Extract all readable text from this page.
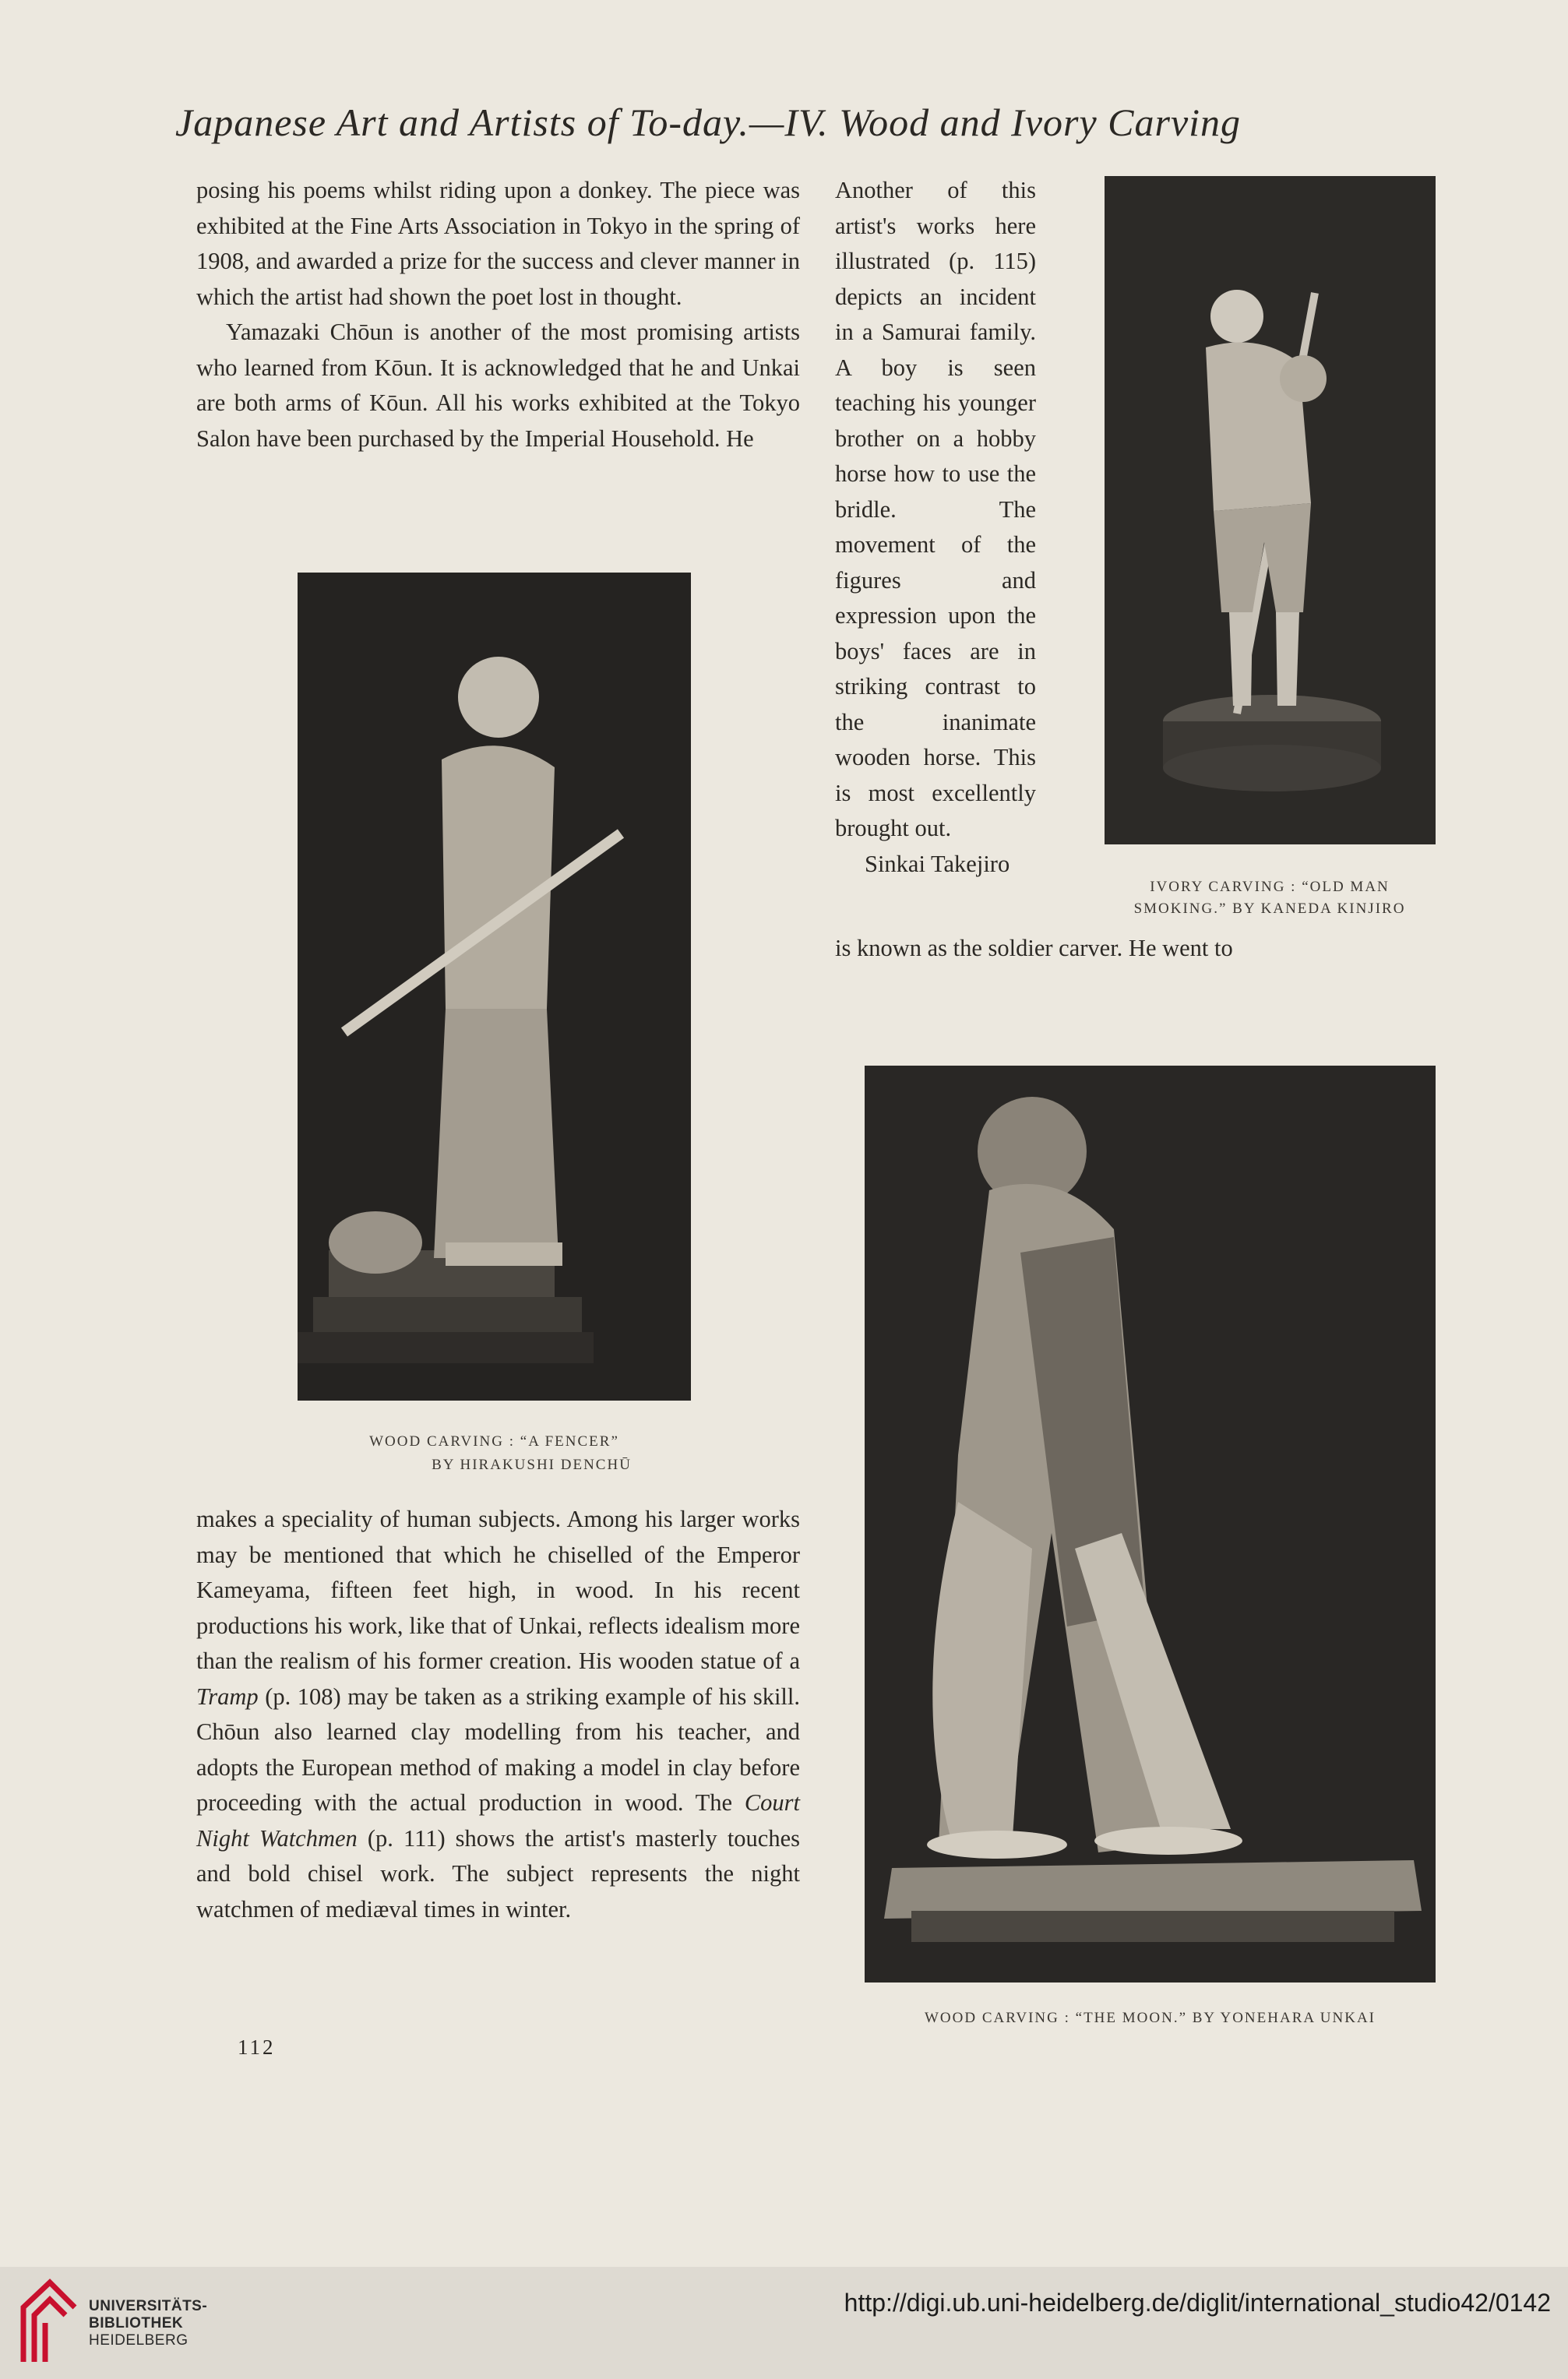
Japanese Art and Artists of To-day.—IV. Wood and Ivory Carving

posing his poems whilst riding upon a donkey. The piece was exhibited at the Fine Arts Association in Tokyo in the spring of 1908, and awarded a prize for the success and clever manner in which the artist had shown the poet lost in thought.

Yamazaki Chōun is another of the most promising artists who learned from Kōun. It is acknowledged that he and Unkai are both arms of Kōun. All his works exhibited at the Tokyo Salon have been purchased by the Imperial Household. He

Another of this artist's works here illustrated (p. 115) depicts an incident in a Samurai family. A boy is seen teaching his younger brother on a hobby horse how to use the bridle. The movement of the figures and expression upon the boys' faces are in striking contrast to the inanimate wooden horse. This is most excellently brought out.

Sinkai Takejiro

is known as the soldier carver. He went to

IVORY CARVING : “OLD MAN
SMOKING.” BY KANEDA KINJIRO
WOOD CARVING : “A FENCER”
BY HIRAKUSHI DENCHŪ

makes a speciality of human subjects. Among his larger works may be mentioned that which he chiselled of the Emperor Kameyama, fifteen feet high, in wood. In his recent productions his work, like that of Unkai, reflects idealism more than the realism of his former creation. His wooden statue of a Tramp (p. 108) may be taken as a striking example of his skill. Chōun also learned clay modelling from his teacher, and adopts the European method of making a model in clay before proceeding with the actual production in wood. The Court Night Watchmen (p. 111) shows the artist's masterly touches and bold chisel work. The subject represents the night watchmen of mediæval times in winter.

WOOD CARVING : “THE MOON.” BY YONEHARA UNKAI
112
UNIVERSITÄTS-
BIBLIOTHEK
HEIDELBERG
http://digi.ub.uni-heidelberg.de/diglit/international_studio42/0142
